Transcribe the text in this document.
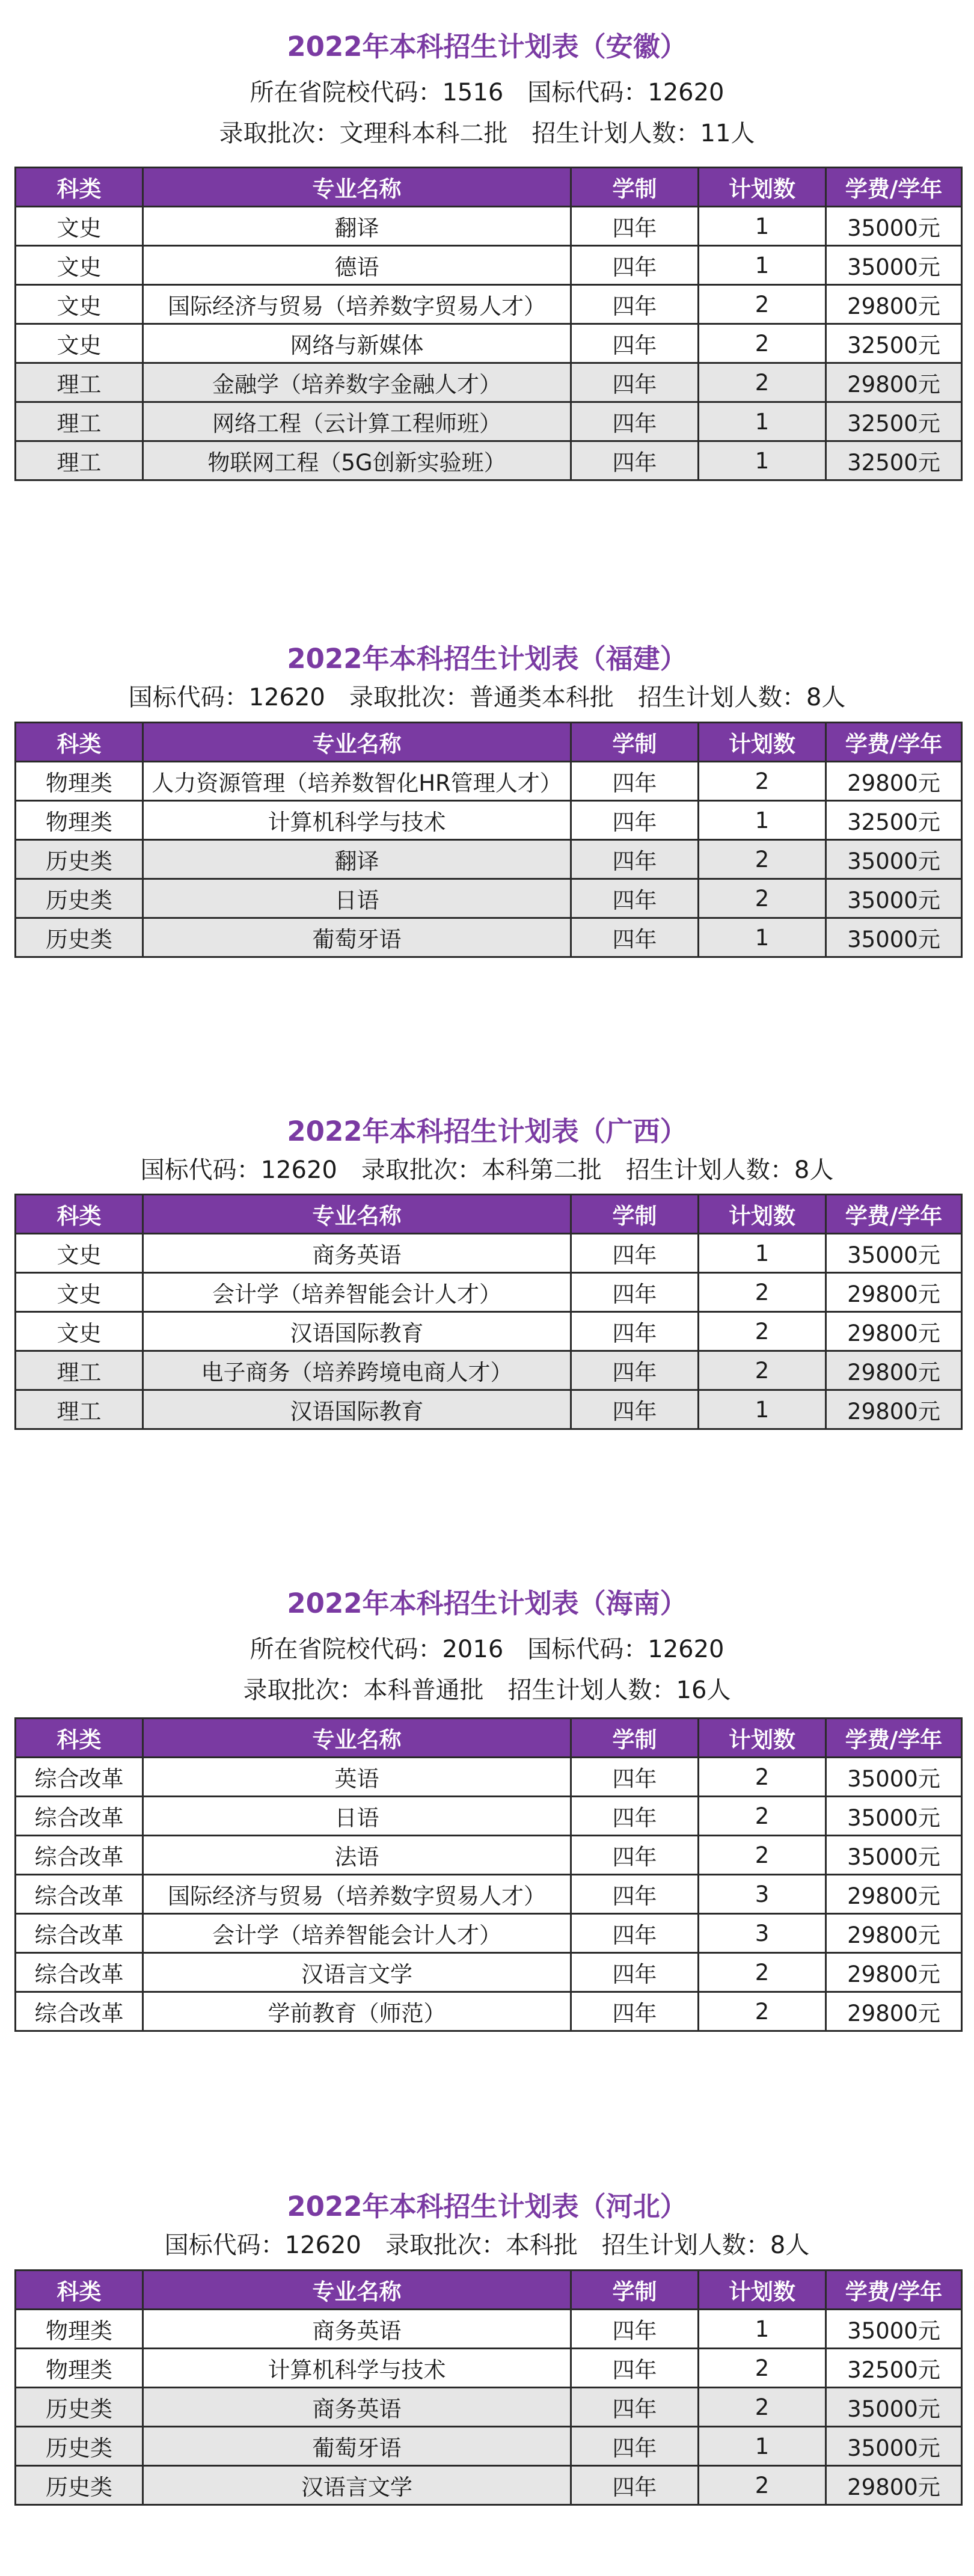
2022年本科招生计划表（安徽）

所在省院校代码：1516　国标代码：12620

录取批次：文理科本科二批　招生计划人数：11人

科类	专业名称	学制	计划数	学费/学年
文史	翻译	四年	1	35000元
文史	德语	四年	1	35000元
文史	国际经济与贸易（培养数字贸易人才）	四年	2	29800元
文史	网络与新媒体	四年	2	32500元
理工	金融学（培养数字金融人才）	四年	2	29800元
理工	网络工程（云计算工程师班）	四年	1	32500元
理工	物联网工程（5G创新实验班）	四年	1	32500元
2022年本科招生计划表（福建）

国标代码：12620　录取批次：普通类本科批　招生计划人数：8人

科类	专业名称	学制	计划数	学费/学年
物理类	人力资源管理（培养数智化HR管理人才）	四年	2	29800元
物理类	计算机科学与技术	四年	1	32500元
历史类	翻译	四年	2	35000元
历史类	日语	四年	2	35000元
历史类	葡萄牙语	四年	1	35000元
2022年本科招生计划表（广西）

国标代码：12620　录取批次：本科第二批　招生计划人数：8人

科类	专业名称	学制	计划数	学费/学年
文史	商务英语	四年	1	35000元
文史	会计学（培养智能会计人才）	四年	2	29800元
文史	汉语国际教育	四年	2	29800元
理工	电子商务（培养跨境电商人才）	四年	2	29800元
理工	汉语国际教育	四年	1	29800元
2022年本科招生计划表（海南）

所在省院校代码：2016　国标代码：12620

录取批次：本科普通批　招生计划人数：16人

科类	专业名称	学制	计划数	学费/学年
综合改革	英语	四年	2	35000元
综合改革	日语	四年	2	35000元
综合改革	法语	四年	2	35000元
综合改革	国际经济与贸易（培养数字贸易人才）	四年	3	29800元
综合改革	会计学（培养智能会计人才）	四年	3	29800元
综合改革	汉语言文学	四年	2	29800元
综合改革	学前教育（师范）	四年	2	29800元
2022年本科招生计划表（河北）

国标代码：12620　录取批次：本科批　招生计划人数：8人

科类	专业名称	学制	计划数	学费/学年
物理类	商务英语	四年	1	35000元
物理类	计算机科学与技术	四年	2	32500元
历史类	商务英语	四年	2	35000元
历史类	葡萄牙语	四年	1	35000元
历史类	汉语言文学	四年	2	29800元
